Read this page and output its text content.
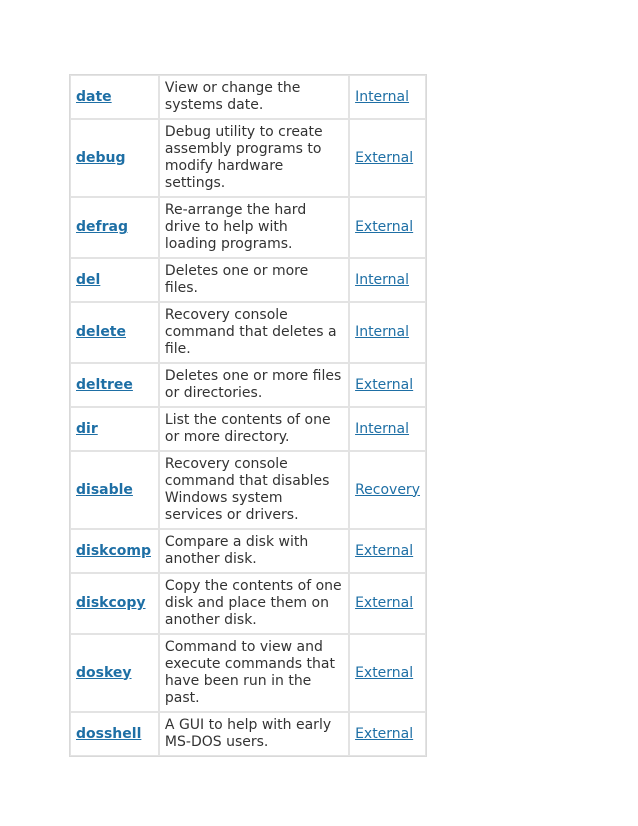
date	View or change the systems date.	Internal
debug	Debug utility to create assembly programs to modify hardware settings.	External
defrag	Re-arrange the hard drive to help with loading programs.	External
del	Deletes one or more files.	Internal
delete	Recovery console command that deletes a file.	Internal
deltree	Deletes one or more files or directories.	External
dir	List the contents of one or more directory.	Internal
disable	Recovery console command that disables Windows system services or drivers.	Recovery
diskcomp	Compare a disk with another disk.	External
diskcopy	Copy the contents of one disk and place them on another disk.	External
doskey	Command to view and execute commands that have been run in the past.	External
dosshell	A GUI to help with early MS-DOS users.	External
